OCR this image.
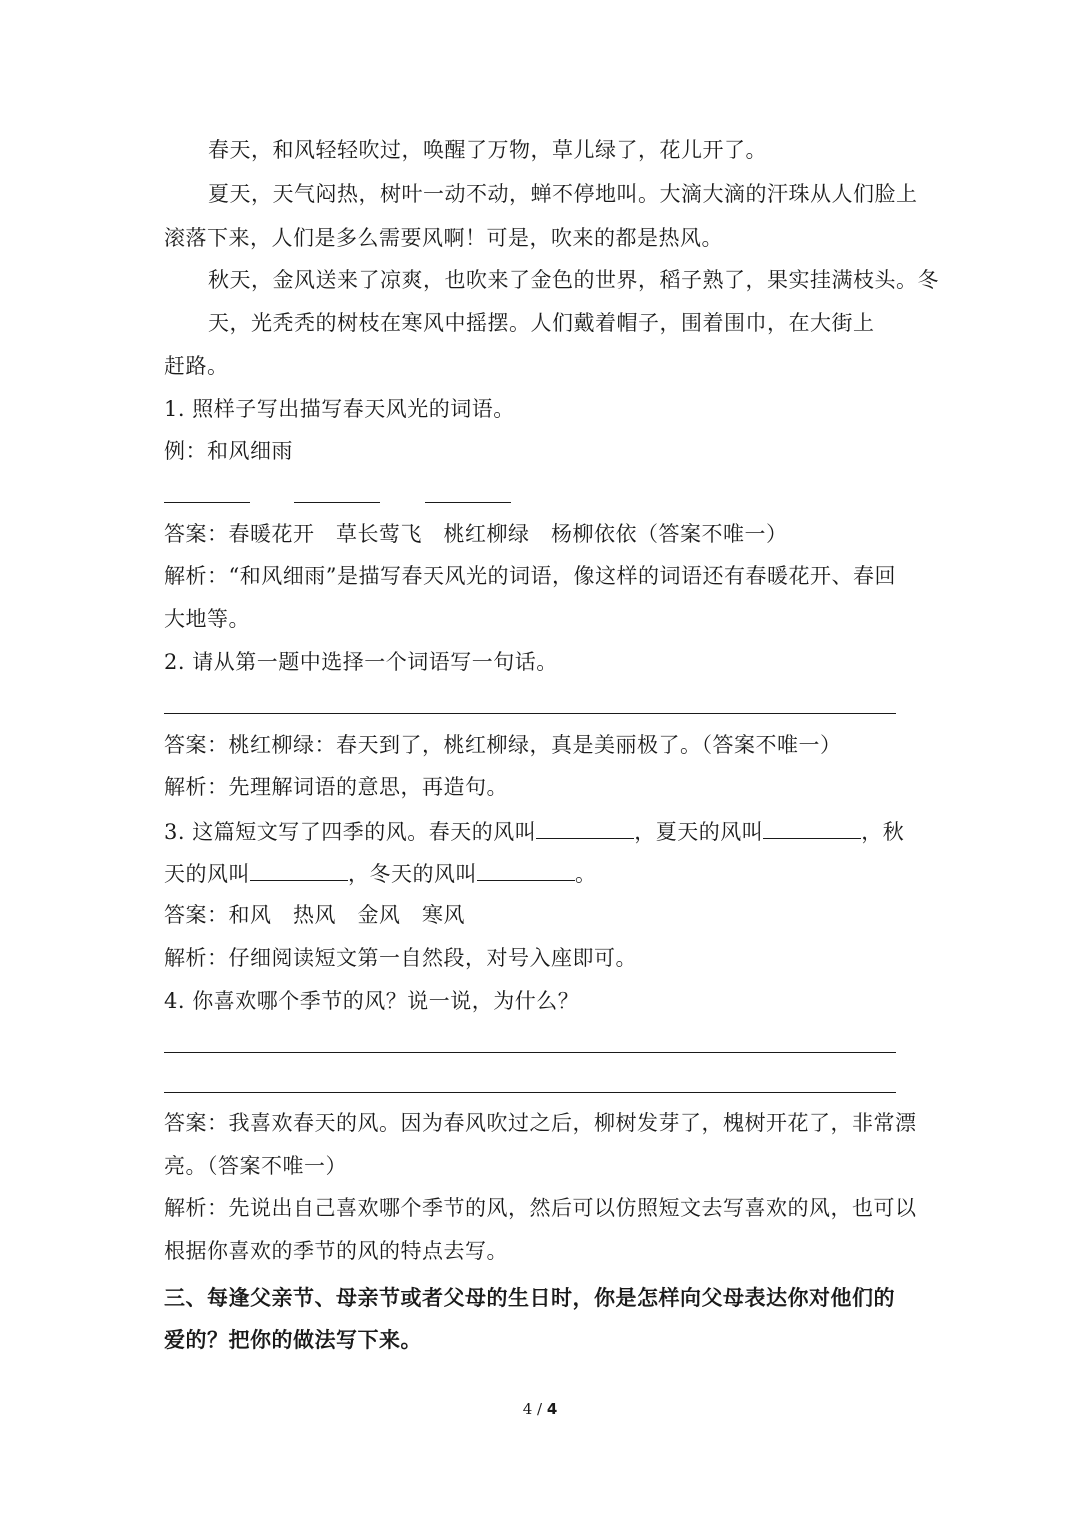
春天，和风轻轻吹过，唤醒了万物，草儿绿了，花儿开了。
夏天，天气闷热，树叶一动不动，蝉不停地叫。大滴大滴的汗珠从人们脸上
滚落下来，人们是多么需要风啊！可是，吹来的都是热风。
秋天，金风送来了凉爽，也吹来了金色的世界，稻子熟了，果实挂满枝头。冬
天，光秃秃的树枝在寒风中摇摆。人们戴着帽子，围着围巾，在大街上
赶路。
1. 照样子写出描写春天风光的词语。
例：和风细雨
答案：春暖花开　草长莺飞　桃红柳绿　杨柳依依（答案不唯一）
解析：“和风细雨”是描写春天风光的词语，像这样的词语还有春暖花开、春回
大地等。
2. 请从第一题中选择一个词语写一句话。
答案：桃红柳绿：春天到了，桃红柳绿，真是美丽极了。（答案不唯一）
解析：先理解词语的意思，再造句。
3. 这篇短文写了四季的风。春天的风叫	，夏天的风叫	，秋
天的风叫	，冬天的风叫	。
答案：和风　热风　金风　寒风
解析：仔细阅读短文第一自然段，对号入座即可。
4. 你喜欢哪个季节的风？说一说，为什么？
答案：我喜欢春天的风。因为春风吹过之后，柳树发芽了，槐树开花了，非常漂
亮。（答案不唯一）
解析：先说出自己喜欢哪个季节的风，然后可以仿照短文去写喜欢的风，也可以
根据你喜欢的季节的风的特点去写。
三、每逢父亲节、母亲节或者父母的生日时，你是怎样向父母表达你对他们的爱的？把你的做法写下来。
4 / 4
